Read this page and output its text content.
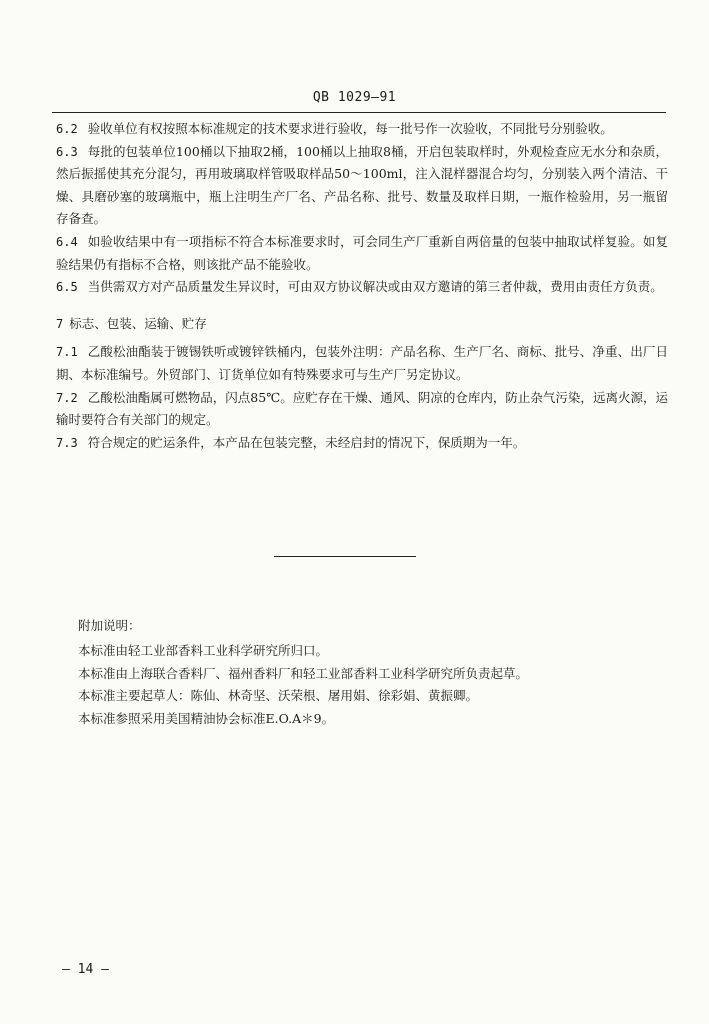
QB 1029—91

6.2 验收单位有权按照本标准规定的技术要求进行验收，每一批号作一次验收，不同批号分别验收。

6.3 每批的包装单位100桶以下抽取2桶，100桶以上抽取8桶，开启包装取样时，外观检查应无水分和杂质，然后振摇使其充分混匀，再用玻璃取样管吸取样品50～100ml，注入混样器混合均匀，分别装入两个清洁、干燥、具磨砂塞的玻璃瓶中，瓶上注明生产厂名、产品名称、批号、数量及取样日期，一瓶作检验用，另一瓶留存备查。

6.4 如验收结果中有一项指标不符合本标准要求时，可会同生产厂重新自两倍量的包装中抽取试样复验。如复验结果仍有指标不合格，则该批产品不能验收。

6.5 当供需双方对产品质量发生异议时，可由双方协议解决或由双方邀请的第三者仲裁，费用由责任方负责。

7 标志、包装、运输、贮存

7.1 乙酸松油酯装于镀锡铁听或镀锌铁桶内，包装外注明：产品名称、生产厂名、商标、批号、净重、出厂日期、本标准编号。外贸部门、订货单位如有特殊要求可与生产厂另定协议。

7.2 乙酸松油酯属可燃物品，闪点85℃。应贮存在干燥、通风、阴凉的仓库内，防止杂气污染，远离火源，运输时要符合有关部门的规定。

7.3 符合规定的贮运条件，本产品在包装完整，未经启封的情况下，保质期为一年。

附加说明：

本标准由轻工业部香料工业科学研究所归口。

本标准由上海联合香料厂、福州香料厂和轻工业部香料工业科学研究所负责起草。

本标准主要起草人：陈仙、林奇坚、沃荣根、屠用娟、徐彩娟、黄振卿。

本标准参照采用美国精油协会标准E.O.A＊9。

— 14 —
